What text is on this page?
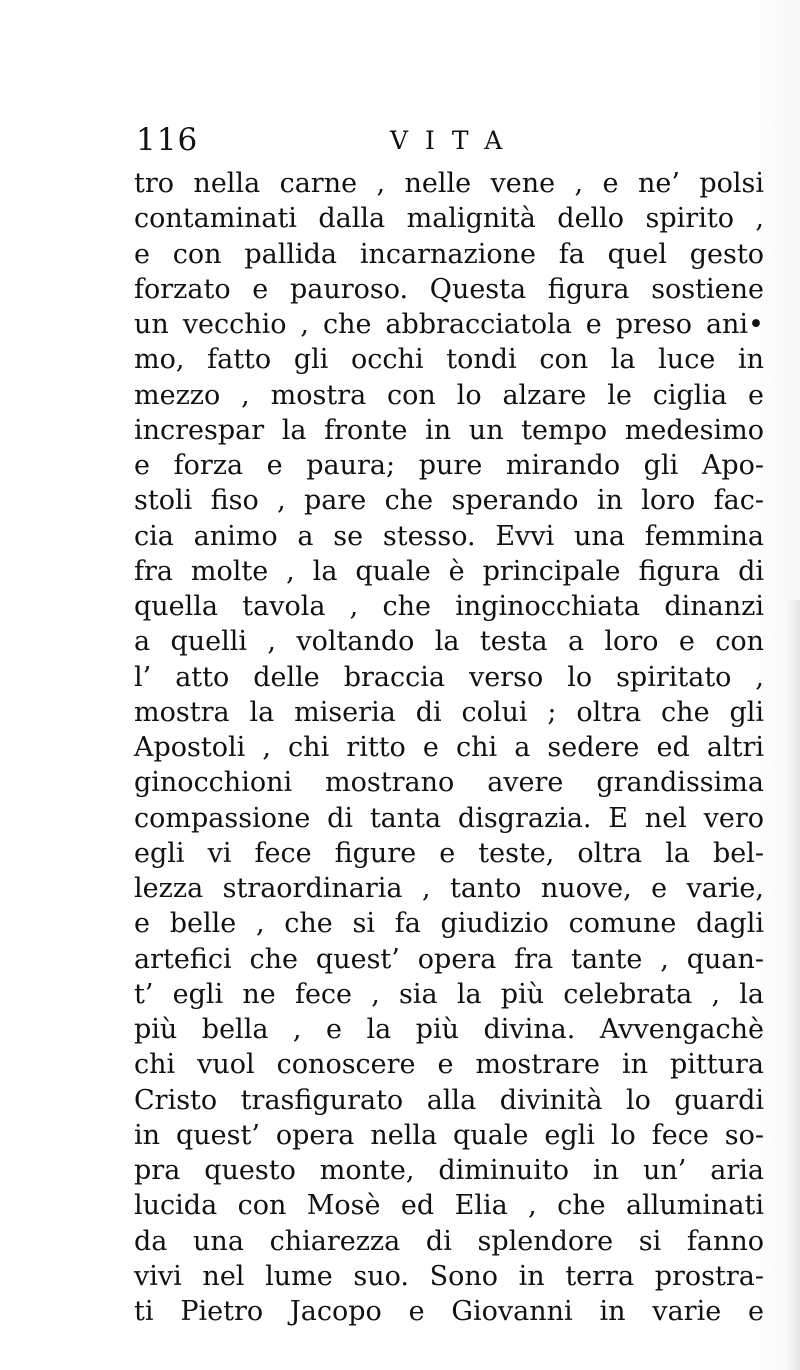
116	VITA
tro nella carne , nelle vene , e ne’ polsi
contaminati dalla malignità dello spirito ,
e con pallida incarnazione fa quel gesto
forzato e pauroso. Questa figura sostiene
un vecchio , che abbracciatola e preso ani•
mo, fatto gli occhi tondi con la luce in
mezzo , mostra con lo alzare le ciglia e
increspar la fronte in un tempo medesimo
e forza e paura; pure mirando gli Apo-
stoli fiso , pare che sperando in loro fac-
cia animo a se stesso. Evvi una femmina
fra molte , la quale è principale figura di
quella tavola , che inginocchiata dinanzi
a quelli , voltando la testa a loro e con
l’ atto delle braccia verso lo spiritato ,
mostra la miseria di colui ; oltra che gli
Apostoli , chi ritto e chi a sedere ed altri
ginocchioni mostrano avere grandissima
compassione di tanta disgrazia. E nel vero
egli vi fece figure e teste, oltra la bel-
lezza straordinaria , tanto nuove, e varie,
e belle , che si fa giudizio comune dagli
artefici che quest’ opera fra tante , quan-
t’ egli ne fece , sia la più celebrata , la
più bella , e la più divina. Avvengachè
chi vuol conoscere e mostrare in pittura
Cristo trasfigurato alla divinità lo guardi
in quest’ opera nella quale egli lo fece so-
pra questo monte, diminuito in un’ aria
lucida con Mosè ed Elia , che alluminati
da una chiarezza di splendore si fanno
vivi nel lume suo. Sono in terra prostra-
ti Pietro Jacopo e Giovanni in varie e
